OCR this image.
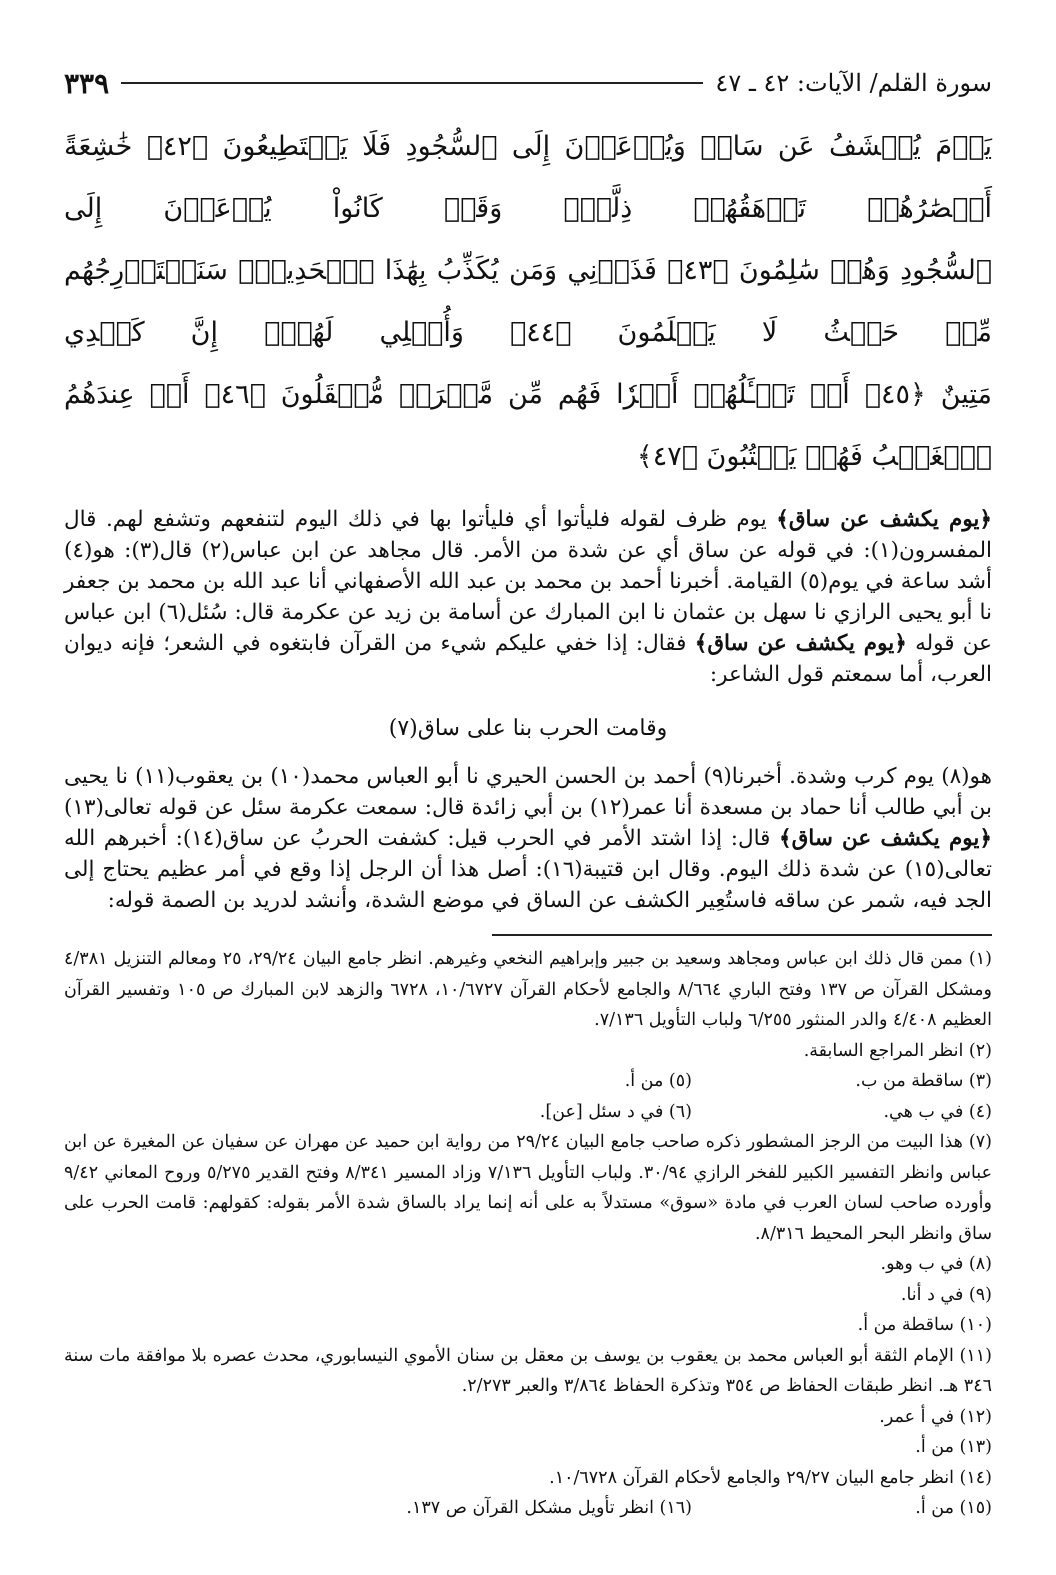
سورة القلم/ الآيات: ٤٢ ـ ٤٧
٣٣٩

يَوۡمَ يُكۡشَفُ عَن سَاقٖ وَيُدۡعَوۡنَ إِلَى ٱلسُّجُودِ فَلَا يَسۡتَطِيعُونَ ﴿٤٢﴾ خَٰشِعَةً أَبۡصَٰرُهُمۡ تَرۡهَقُهُمۡ ذِلَّةٞۖ وَقَدۡ كَانُواْ يُدۡعَوۡنَ إِلَى

ٱلسُّجُودِ وَهُمۡ سَٰلِمُونَ ﴿٤٣﴾ فَذَرۡنِي وَمَن يُكَذِّبُ بِهَٰذَا ٱلۡحَدِيثِۖ سَنَسۡتَدۡرِجُهُم مِّنۡ حَيۡثُ لَا يَعۡلَمُونَ ﴿٤٤﴾ وَأُمۡلِي لَهُمۡۚ إِنَّ كَيۡدِي

مَتِينٌ ﴿٤٥﴾ أَمۡ تَسۡـَٔلُهُمۡ أَجۡرٗا فَهُم مِّن مَّغۡرَمٖ مُّثۡقَلُونَ ﴿٤٦﴾ أَمۡ عِندَهُمُ ٱلۡغَيۡبُ فَهُمۡ يَكۡتُبُونَ ﴿٤٧﴾

﴿يوم يكشف عن ساق﴾ يوم ظرف لقوله فليأتوا أي فليأتوا بها في ذلك اليوم لتنفعهم وتشفع لهم. قال المفسرون(١): في قوله عن ساق أي عن شدة من الأمر. قال مجاهد عن ابن عباس(٢) قال(٣): هو(٤) أشد ساعة في يوم(٥) القيامة. أخبرنا أحمد بن محمد بن عبد الله الأصفهاني أنا عبد الله بن محمد بن جعفر نا أبو يحيى الرازي نا سهل بن عثمان نا ابن المبارك عن أسامة بن زيد عن عكرمة قال: سُئل(٦) ابن عباس عن قوله ﴿يوم يكشف عن ساق﴾ فقال: إذا خفي عليكم شيء من القرآن فابتغوه في الشعر؛ فإنه ديوان العرب، أما سمعتم قول الشاعر:

وقامت الحرب بنا على ساق(٧)

هو(٨) يوم كرب وشدة. أخبرنا(٩) أحمد بن الحسن الحيري نا أبو العباس محمد(١٠) بن يعقوب(١١) نا يحيى بن أبي طالب أنا حماد بن مسعدة أنا عمر(١٢) بن أبي زائدة قال: سمعت عكرمة سئل عن قوله تعالى(١٣) ﴿يوم يكشف عن ساق﴾ قال: إذا اشتد الأمر في الحرب قيل: كشفت الحربُ عن ساق(١٤): أخبرهم الله تعالى(١٥) عن شدة ذلك اليوم. وقال ابن قتيبة(١٦): أصل هذا أن الرجل إذا وقع في أمر عظيم يحتاج إلى الجد فيه، شمر عن ساقه فاستُعِير الكشف عن الساق في موضع الشدة، وأنشد لدريد بن الصمة قوله:

(١) ممن قال ذلك ابن عباس ومجاهد وسعيد بن جبير وإبراهيم النخعي وغيرهم. انظر جامع البيان ٢٩/٢٤، ٢٥ ومعالم التنزيل ٤/٣٨١ ومشكل القرآن ص ١٣٧ وفتح الباري ٨/٦٦٤ والجامع لأحكام القرآن ١٠/٦٧٢٧، ٦٧٢٨ والزهد لابن المبارك ص ١٠٥ وتفسير القرآن العظيم ٤/٤٠٨ والدر المنثور ٦/٢٥٥ ولباب التأويل ٧/١٣٦.

(٢) انظر المراجع السابقة.

(٣) ساقطة من ب.

(٥) من أ.

(٤) في ب هي.

(٦) في د سئل [عن].

(٧) هذا البيت من الرجز المشطور ذكره صاحب جامع البيان ٢٩/٢٤ من رواية ابن حميد عن مهران عن سفيان عن المغيرة عن ابن عباس وانظر التفسير الكبير للفخر الرازي ٣٠/٩٤. ولباب التأويل ٧/١٣٦ وزاد المسير ٨/٣٤١ وفتح القدير ٥/٢٧٥ وروح المعاني ٩/٤٢ وأورده صاحب لسان العرب في مادة «سوق» مستدلاً به على أنه إنما يراد بالساق شدة الأمر بقوله: كقولهم: قامت الحرب على ساق وانظر البحر المحيط ٨/٣١٦.

(٨) في ب وهو.

(٩) في د أنا.

(١٠) ساقطة من أ.

(١١) الإمام الثقة أبو العباس محمد بن يعقوب بن يوسف بن معقل بن سنان الأموي النيسابوري، محدث عصره بلا موافقة مات سنة ٣٤٦ هـ. انظر طبقات الحفاظ ص ٣٥٤ وتذكرة الحفاظ ٣/٨٦٤ والعبر ٢/٢٧٣.

(١٢) في أ عمر.

(١٣) من أ.

(١٤) انظر جامع البيان ٢٩/٢٧ والجامع لأحكام القرآن ١٠/٦٧٢٨.

(١٥) من أ.

(١٦) انظر تأويل مشكل القرآن ص ١٣٧.
